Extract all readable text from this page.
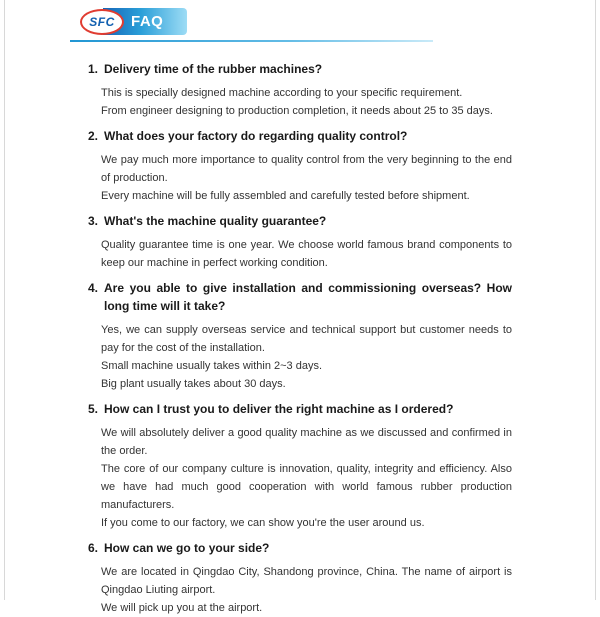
FAQ
SFC
1. Delivery time of the rubber machines?

This is specially designed machine according to your specific requirement.

From engineer designing to production completion, it needs about 25 to 35 days.

2. What does your factory do regarding quality control?

We pay much more importance to quality control from the very beginning to the end of production.

Every machine will be fully assembled and carefully tested before shipment.

3. What's the machine quality guarantee?

Quality guarantee time is one year. We choose world famous brand components to keep our machine in perfect working condition.

4. Are you able to give installation and commissioning overseas? How long time will it take?

Yes, we can supply overseas service and technical support but customer needs to pay for the cost of the installation.

Small machine usually takes within 2~3 days.

Big plant usually takes about 30 days.

5. How can I trust you to deliver the right machine as I ordered?

We will absolutely deliver a good quality machine as we discussed and confirmed in the order.

The core of our company culture is innovation, quality, integrity and efficiency. Also we have had much good cooperation with world famous rubber production manufacturers.

If you come to our factory, we can show you're the user around us.

6. How can we go to your side?

We are located in Qingdao City, Shandong province, China. The name of airport is Qingdao Liuting airport.

We will pick up you at the airport.
